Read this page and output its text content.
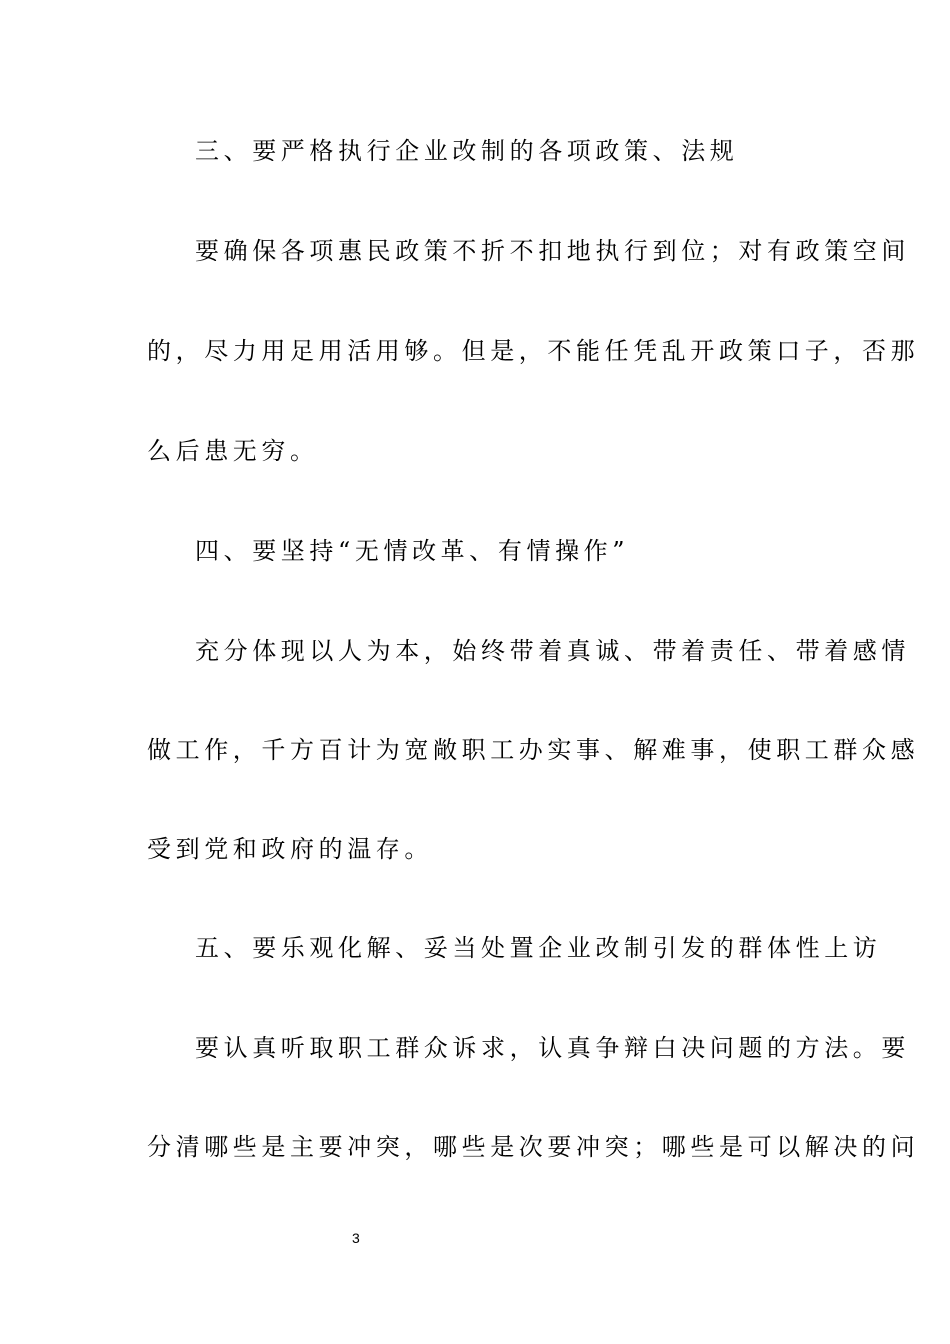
三、要严格执行企业改制的各项政策、法规
要确保各项惠民政策不折不扣地执行到位；对有政策空间
的，尽力用足用活用够。但是，不能任凭乱开政策口子，否那
么后患无穷。
四、要坚持“无情改革、有情操作”
充分体现以人为本，始终带着真诚、带着责任、带着感情
做工作，千方百计为宽敞职工办实事、解难事，使职工群众感
受到党和政府的温存。
五、要乐观化解、妥当处置企业改制引发的群体性上访
要认真听取职工群众诉求，认真争辩白决问题的方法。要
分清哪些是主要冲突，哪些是次要冲突；哪些是可以解决的问
3
